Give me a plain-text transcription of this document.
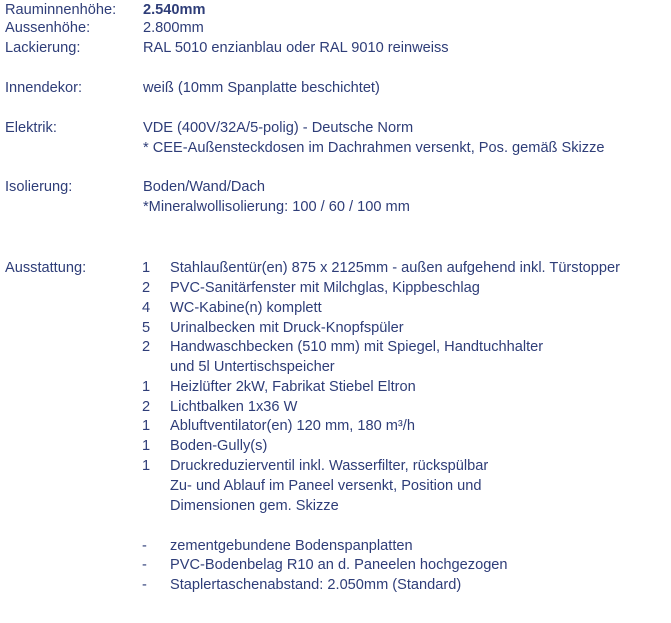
Rauminnenhöhe: 2.540mm
Aussenhöhe:	2.800mm
Lackierung:	RAL 5010 enzianblau oder RAL 9010 reinweiss
Innendekor:	weiß (10mm Spanplatte beschichtet)
Elektrik:	VDE (400V/32A/5-polig) - Deutsche Norm
* CEE-Außensteckdosen im Dachrahmen versenkt, Pos. gemäß Skizze
Isolierung:	Boden/Wand/Dach
*Mineralwollisolierung: 100 / 60 / 100 mm
Ausstattung:	1 Stahlaußentür(en) 875 x 2125mm - außen aufgehend inkl. Türstopper
2 PVC-Sanitärfenster mit Milchglas, Kippbeschlag
4 WC-Kabine(n) komplett
5 Urinalbecken mit Druck-Knopfspüler
2 Handwaschbecken (510 mm) mit Spiegel, Handtuchhalter
und 5l Untertischspeicher
1 Heizlüfter 2kW, Fabrikat Stiebel Eltron
2 Lichtbalken 1x36 W
1 Abluftventilator(en) 120 mm, 180 m³/h
1 Boden-Gully(s)
1 Druckreduzierventil inkl. Wasserfilter, rückspülbar
Zu- und Ablauf im Paneel versenkt, Position und
Dimensionen gem. Skizze
- zementgebundene Bodenspanplatten
- PVC-Bodenbelag R10 an d. Paneelen hochgezogen
- Staplertaschenabstand: 2.050mm (Standard)
